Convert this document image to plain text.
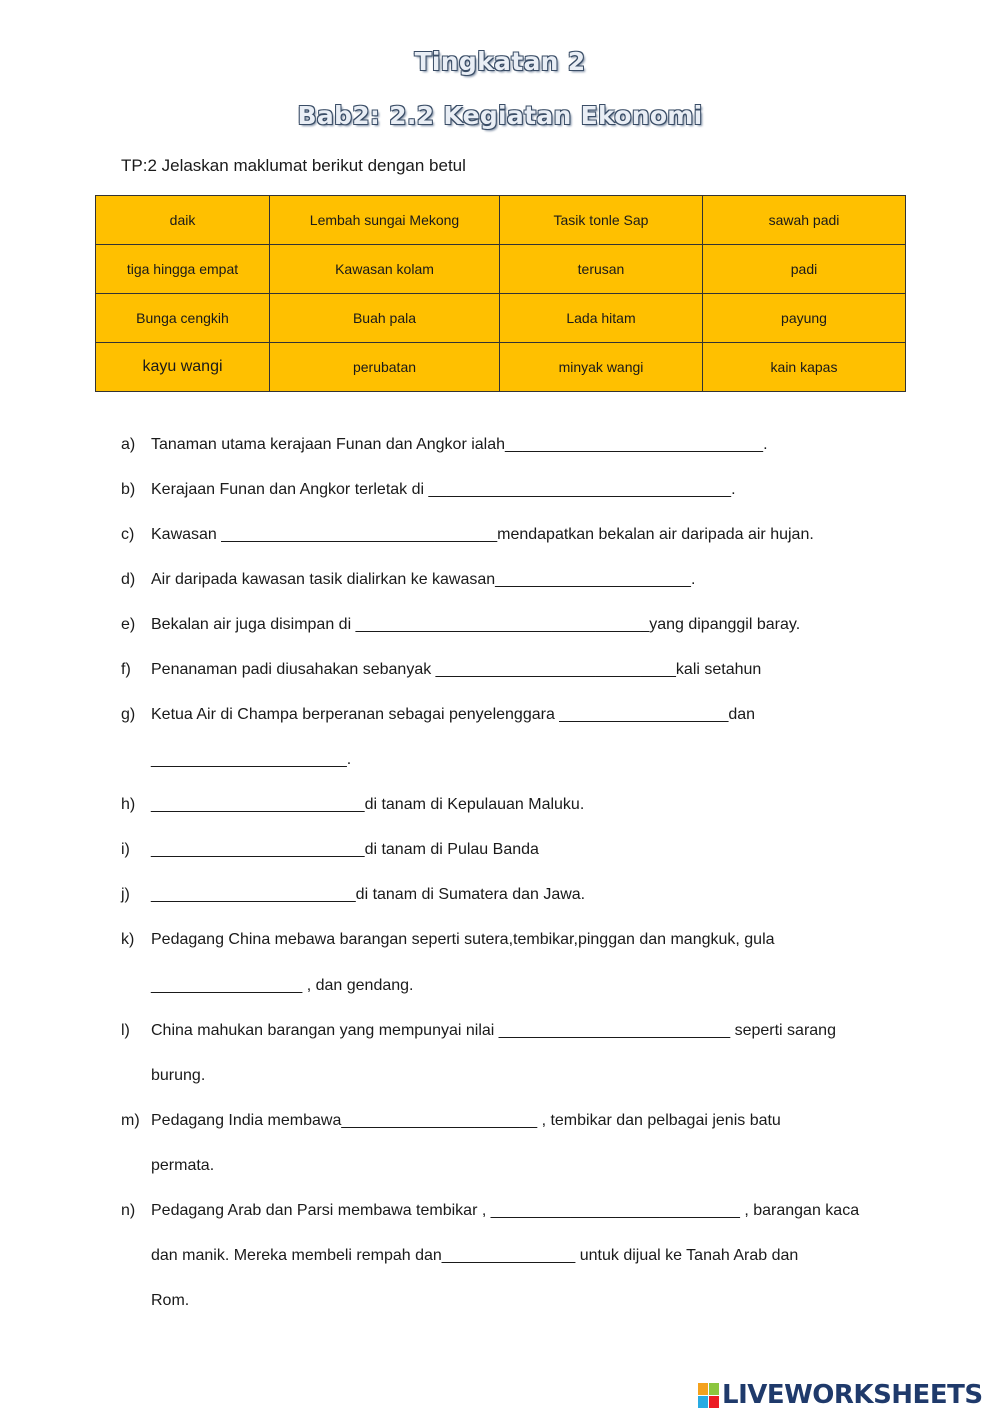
Tingkatan 2
Bab2: 2.2 Kegiatan Ekonomi
TP:2 Jelaskan maklumat berikut dengan betul
daik	Lembah sungai Mekong	Tasik tonle Sap	sawah padi
tiga hingga empat	Kawasan kolam	terusan	padi
Bunga cengkih	Buah pala	Lada hitam	payung
kayu wangi	perubatan	minyak wangi	kain kapas
a) Tanaman utama kerajaan Funan dan Angkor ialah_____________________________.
b) Kerajaan Funan dan Angkor terletak di __________________________________.
c) Kawasan _______________________________mendapatkan bekalan air daripada air hujan.
d) Air daripada kawasan tasik dialirkan ke kawasan______________________.
e) Bekalan air juga disimpan di _________________________________yang dipanggil baray.
f) Penanaman padi diusahakan sebanyak ___________________________kali setahun
g) Ketua Air di Champa berperanan sebagai penyelenggara ___________________dan
______________________.
h) ________________________di tanam di Kepulauan Maluku.
i) ________________________di tanam di Pulau Banda
j) _______________________di tanam di Sumatera dan Jawa.
k) Pedagang China mebawa barangan seperti sutera,tembikar,pinggan dan mangkuk, gula
_________________ , dan gendang.
l) China mahukan barangan yang mempunyai nilai __________________________ seperti sarang
burung.
m) Pedagang India membawa______________________ , tembikar dan pelbagai jenis batu
permata.
n) Pedagang Arab dan Parsi membawa tembikar , ____________________________ , barangan kaca
dan manik. Mereka membeli rempah dan_______________ untuk dijual ke Tanah Arab dan
Rom.
LIVEWORKSHEETS
